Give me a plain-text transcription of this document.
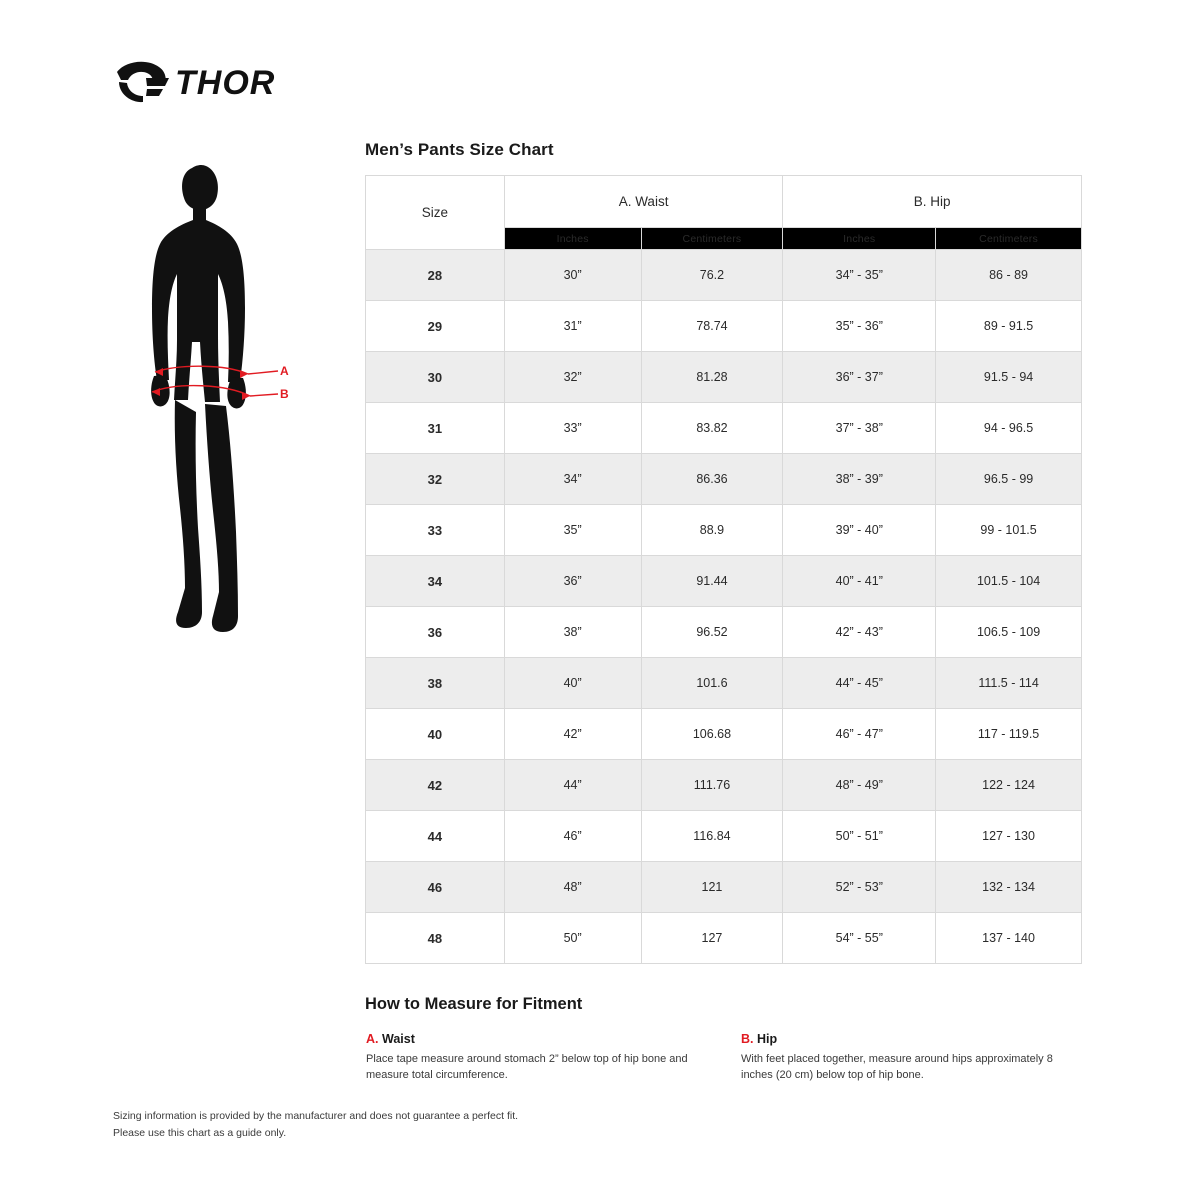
THOR
A
B
Men’s Pants Size Chart
Size	A. Waist		B. Hip	
	Inches	Centimeters	Inches	Centimeters
28	30”	76.2	34” - 35”	86 - 89
29	31”	78.74	35” - 36”	89 - 91.5
30	32”	81.28	36” - 37”	91.5 - 94
31	33”	83.82	37” - 38”	94 - 96.5
32	34”	86.36	38” - 39”	96.5 - 99
33	35”	88.9	39” - 40”	99 - 101.5
34	36”	91.44	40” - 41”	101.5 - 104
36	38”	96.52	42” - 43”	106.5 - 109
38	40”	101.6	44” - 45”	111.5 - 114
40	42”	106.68	46” - 47”	117 - 119.5
42	44”	111.76	48” - 49”	122 - 124
44	46”	116.84	50” - 51”	127 - 130
46	48”	121	52” - 53”	132 - 134
48	50”	127	54” - 55”	137 - 140
How to Measure for Fitment
A. Waist
Place tape measure around stomach 2” below top of hip bone and measure total circumference.
B. Hip
With feet placed together, measure around hips approximately 8 inches (20 cm) below top of hip bone.
Sizing information is provided by the manufacturer and does not guarantee a perfect fit.
Please use this chart as a guide only.
